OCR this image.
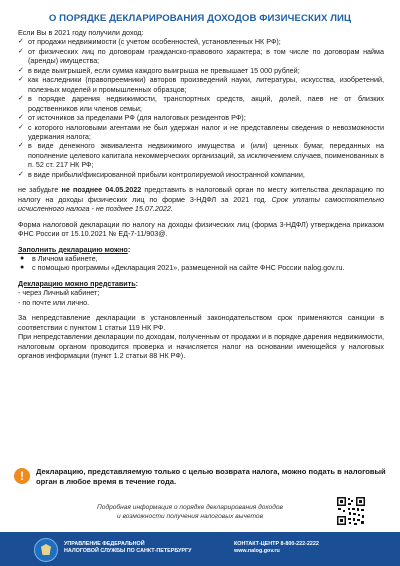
О ПОРЯДКЕ ДЕКЛАРИРОВАНИЯ ДОХОДОВ ФИЗИЧЕСКИХ ЛИЦ

Если Вы в 2021 году получили доход:

✓ от продажи недвижимости (с учетом особенностей, установленных НК РФ);
✓ от физических лиц по договорам гражданско-правового характера; в том числе по договорам найма (аренды) имущества;
✓ в виде выигрышей, если сумма каждого выигрыша не превышает 15 000 рублей;
✓ как наследники (правопреемники) авторов произведений науки, литературы, искусства, изобретений, полезных моделей и промышленных образцов;
✓ в порядке дарения недвижимости, транспортных средств, акций, долей, паев не от близких родственников или членов семьи;
✓ от источников за пределами РФ (для налоговых резидентов РФ);
✓ с которого налоговыми агентами не был удержан налог и не представлены сведения о невозможности удержания налога;
✓ в виде денежного эквивалента недвижимого имущества и (или) ценных бумаг, переданных на пополнение целевого капитала некоммерческих организаций, за исключением случаев, поименованных в п. 52 ст. 217 НК РФ;
✓ в виде прибыли/фиксированной прибыли контролируемой иностранной компании,

не забудьте не позднее 04.05.2022 представить в налоговый орган по месту жительства декларацию по налогу на доходы физических лиц по форме 3-НДФЛ за 2021 год. Срок уплаты самостоятельно исчисленного налога - не позднее 15.07.2022.

Форма налоговой декларации по налогу на доходы физических лиц (форма 3-НДФЛ) утверждена приказом ФНС России от 15.10.2021 № ЕД-7-11/903@.

Заполнить декларацию можно:

●	в Личном кабинете,
●	с помощью программы «Декларация 2021», размещенной на сайте ФНС России nalog.gov.ru.

Декларацию можно представить:

- через Личный кабинет;

- по почте или лично.

За непредставление декларации в установленный законодательством срок применяются санкции в соответствии с пунктом 1 статьи 119 НК РФ.

При непредставлении декларации по доходам, полученным от продажи и в порядке дарения недвижимости, налоговым органом проводится проверка и начисляется налог на основании имеющейся у налоговых органов информации (пункт 1.2 статьи 88 НК РФ).

!	Декларацию, представляемую только с целью возврата налога, можно подать в налоговый орган в любое время в течение года.
Подробная информация о порядке декларирования доходов
и возможности получения налоговых вычетов
УПРАВЛЕНИЕ ФЕДЕРАЛЬНОЙ
НАЛОГОВОЙ СЛУЖБЫ ПО САНКТ-ПЕТЕРБУРГУ
КОНТАКТ-ЦЕНТР 8-800-222-2222
www.nalog.gov.ru
